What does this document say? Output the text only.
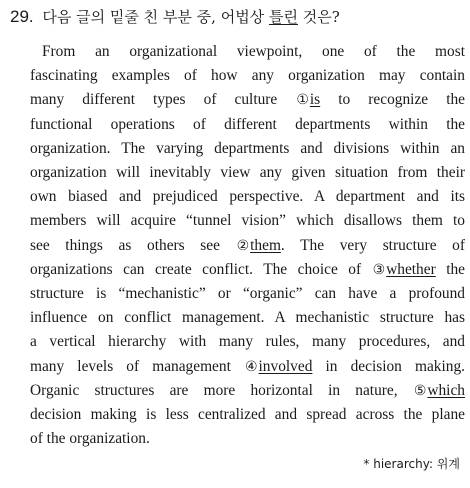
29. 다음 글의 밑줄 친 부분 중, 어법상 틀린 것은?
From an organizational viewpoint, one of the most
fascinating examples of how any organization may contain
many different types of culture ①is to recognize the
functional operations of different departments within the
organization. The varying departments and divisions within an
organization will inevitably view any given situation from their
own biased and prejudiced perspective. A department and its
members will acquire “tunnel vision” which disallows them to
see things as others see ②them. The very structure of
organizations can create conflict. The choice of ③whether the
structure is “mechanistic” or “organic” can have a profound
influence on conflict management. A mechanistic structure has
a vertical hierarchy with many rules, many procedures, and
many levels of management ④involved in decision making.
Organic structures are more horizontal in nature, ⑤which
decision making is less centralized and spread across the plane
of the organization.
* hierarchy: 위계
